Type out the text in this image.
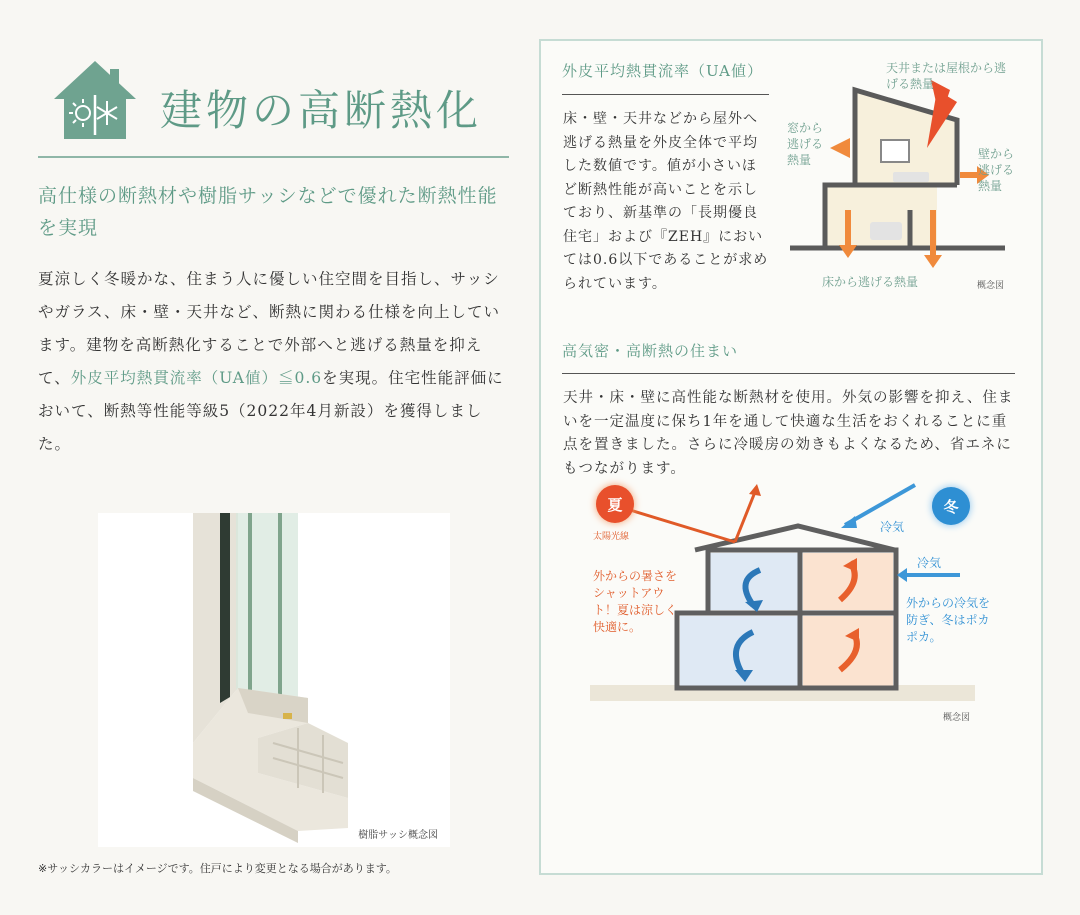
建物の高断熱化
高仕様の断熱材や樹脂サッシなどで優れた断熱性能を実現
夏涼しく冬暖かな、住まう人に優しい住空間を目指し、サッシやガラス、床・壁・天井など、断熱に関わる仕様を向上しています。建物を高断熱化することで外部へと逃げる熱量を抑えて、外皮平均熱貫流率（UA値）≦0.6を実現。住宅性能評価において、断熱等性能等級5（2022年4月新設）を獲得しました。
樹脂サッシ概念図
※サッシカラーはイメージです。住戸により変更となる場合があります。
外皮平均熱貫流率（UA値）
床・壁・天井などから屋外へ逃げる熱量を外皮全体で平均した数値です。値が小さいほど断熱性能が高いことを示しており、新基準の「長期優良住宅」および『ZEH』においては0.6以下であることが求められています。
天井または屋根から逃げる熱量
窓から逃げる熱量	壁から逃げる熱量
床から逃げる熱量	概念図
高気密・高断熱の住まい
天井・床・壁に高性能な断熱材を使用。外気の影響を抑え、住まいを一定温度に保ち1年を通して快適な生活をおくれることに重点を置きました。さらに冷暖房の効きもよくなるため、省エネにもつながります。
夏	冬
太陽光線
外からの暑さをシャットアウト！夏は涼しく快適に。
冷気
冷気
外からの冷気を防ぎ、冬はポカポカ。
概念図
